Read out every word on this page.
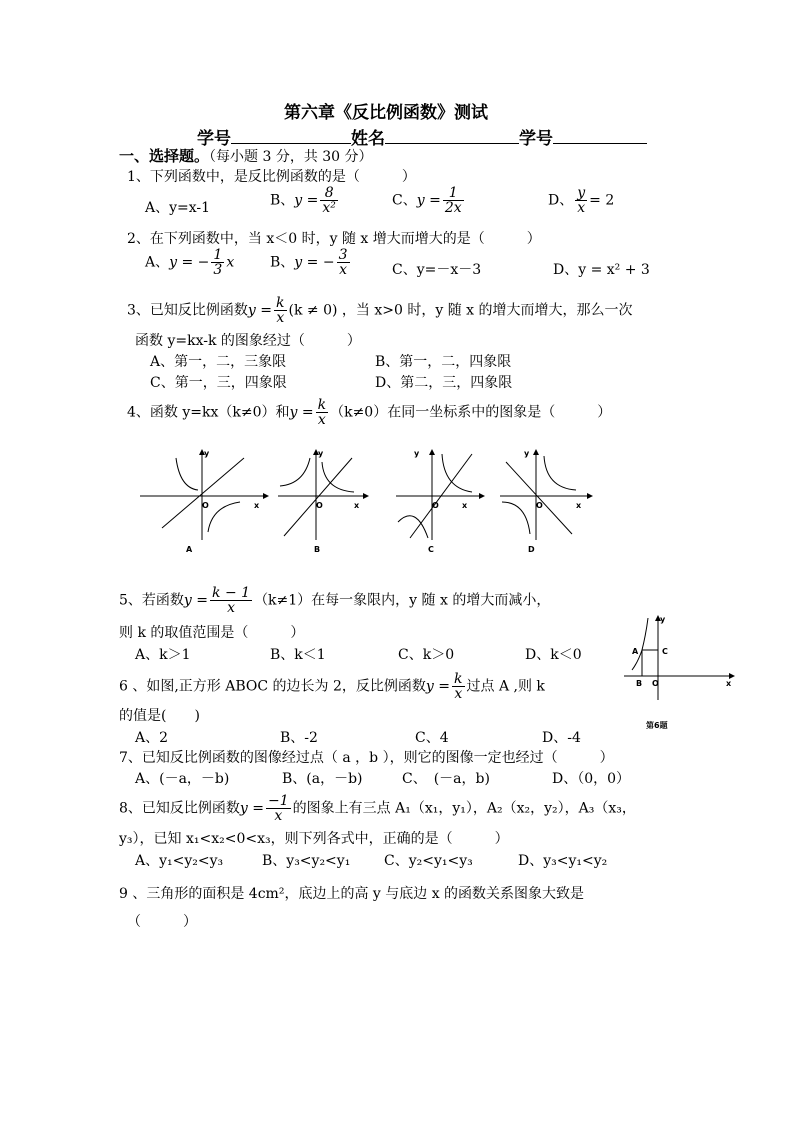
第六章《反比例函数》测试
学号	姓名	学号
一、选择题。（每小题 3 分，共 30 分）
1、下列函数中，是反比例函数的是（　　　）
A、y=x-1	B、$y = \frac{8}{\text{x²}}$	C、$y = \frac{1}{2x}$	D、 $\frac{y}{x} = 2$
2、在下列函数中，当 x＜0 时，y 随 x 增大而增大的是（　　　）
A、y = − $\frac{1}{3}$ x	B、y = − $\frac{3}{x}$	C、y=－x－3	D、y = x² + 3
3、已知反比例函数$y = \frac{k}{x} (k \ne 0)$ ，当 x>0 时，y 随 x 的增大而增大，那么一次
函数 y=kx-k 的图象经过（　　　）
A、第一，二，三象限	B、第一，二，四象限
C、第一，三，四象限	D、第二，三，四象限
4、函数 y=kx（k≠0）和$y = \frac{k}{x} (k\ne 0)$在同一坐标系中的图象是（　　　）
y
x
O
A
y
x
O
B
y
x
O
C
y
x
O
D
5、若函数$y = \frac{k - 1}{x} (k\ne 1)$在每一象限内，y 随 x 的增大而减小，
则 k 的取值范围是（　　　）
A、k＞1	B、k＜1	C、k＞0	D、k＜0
y
A	C
B O	x
第6题
6 、如图,正方形 ABOC 的边长为 2，反比例函数$y = \frac{k}{x}$ 过点 A ,则 k
的值是(　　)
A、2	B、-2	C、4	D、-4
7、已知反比例函数的图像经过点（ a ，b ），则它的图像一定也经过（　　　）
A、(－a，－b)	B、(a，－b)	C、　(－a，b)	D、（0，0）
8、已知反比例函数$y = \frac{-1}{x}$ 的图象上有三点 A₁（x₁，y₁），A₂（x₂，y₂），A₃（x₃，
y₃），已知 x₁<x₂<0<x₃，则下列各式中，正确的是（　　　）
A、y₁<y₂<y₃	B、y₃<y₂<y₁ C、y₂<y₁<y₃	D、y₃<y₁<y₂
9 、三角形的面积是 4cm²，底边上的高 y 与底边 x 的函数关系图象大致是
（　　　）
